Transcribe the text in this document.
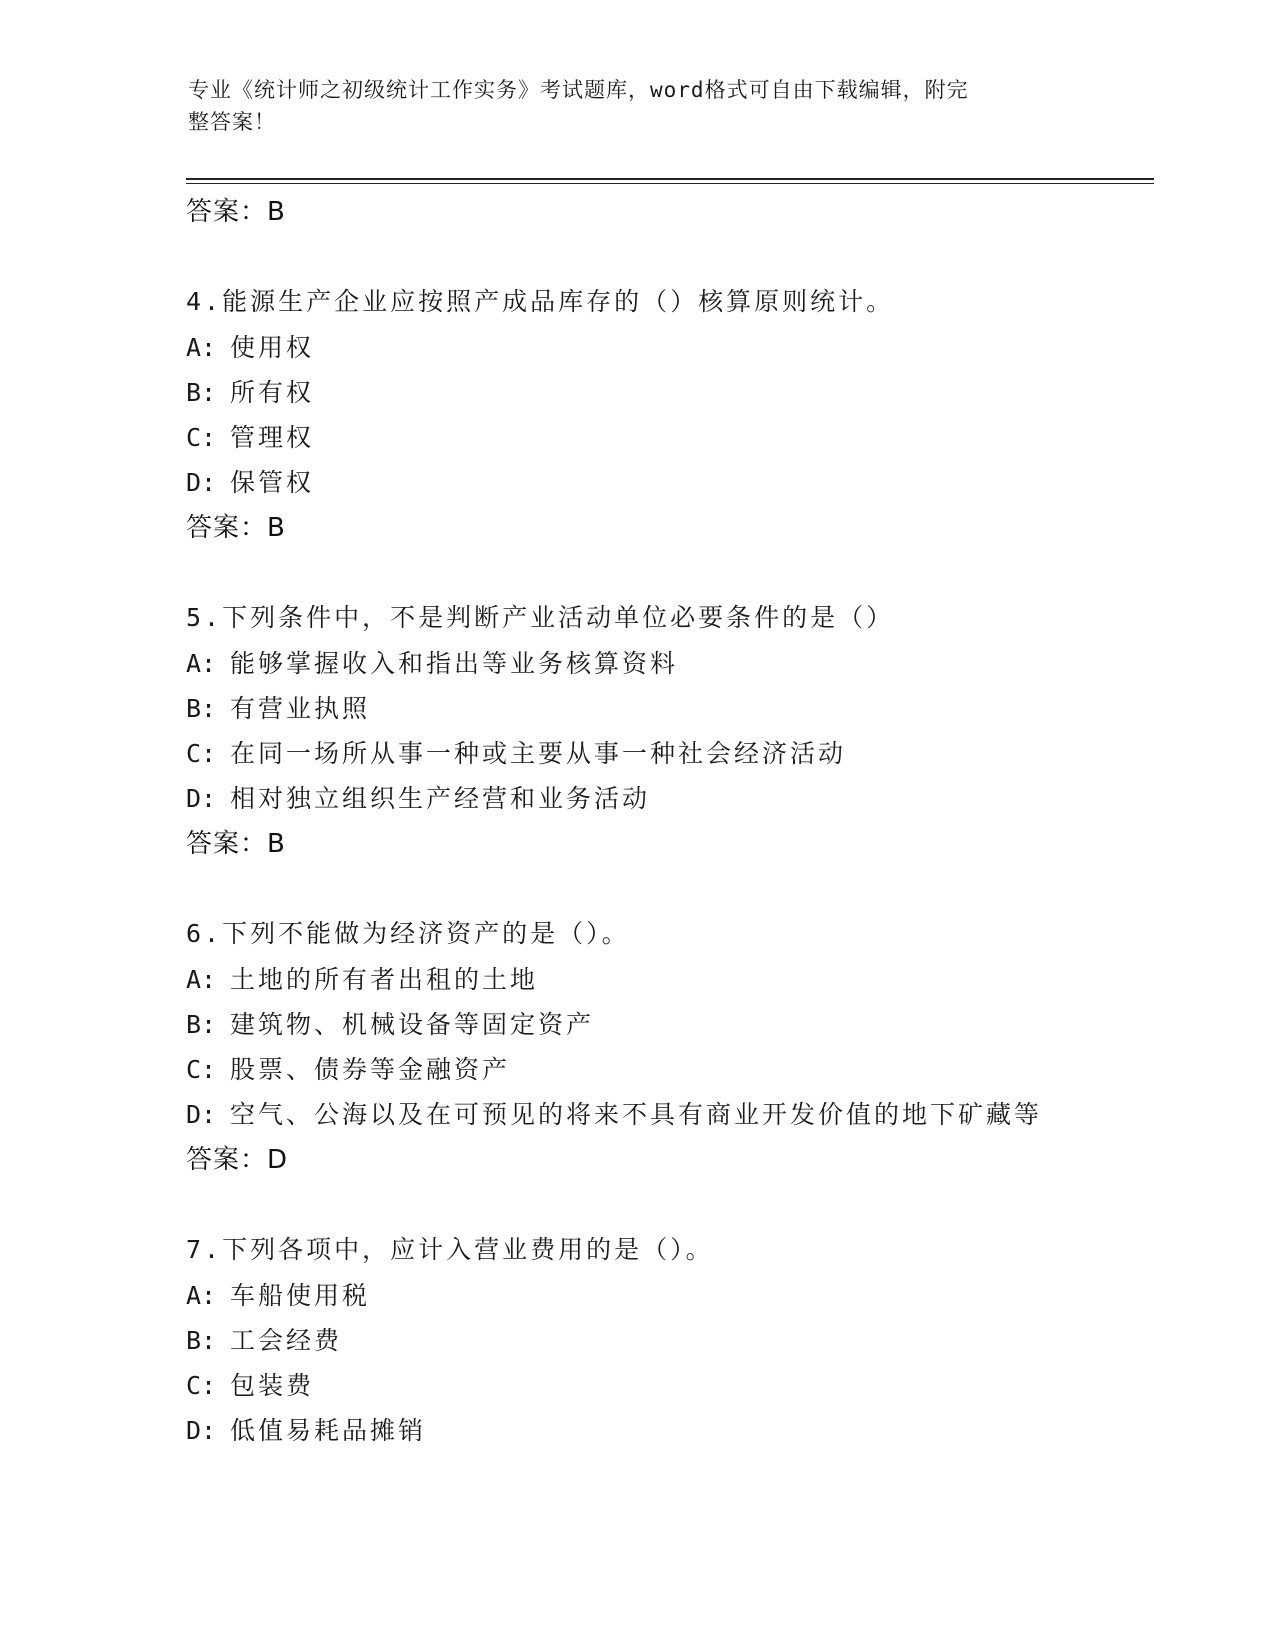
专业《统计师之初级统计工作实务》考试题库，word格式可自由下载编辑，附完
整答案！

答案：B

4.能源生产企业应按照产成品库存的（）核算原则统计。

A: 使用权

B: 所有权

C: 管理权

D: 保管权

答案：B

5.下列条件中，不是判断产业活动单位必要条件的是（）

A: 能够掌握收入和指出等业务核算资料

B: 有营业执照

C: 在同一场所从事一种或主要从事一种社会经济活动

D: 相对独立组织生产经营和业务活动

答案：B

6.下列不能做为经济资产的是（）。

A: 土地的所有者出租的土地

B: 建筑物、机械设备等固定资产

C: 股票、债券等金融资产

D: 空气、公海以及在可预见的将来不具有商业开发价值的地下矿藏等

答案：D

7.下列各项中，应计入营业费用的是（）。

A: 车船使用税

B: 工会经费

C: 包装费

D: 低值易耗品摊销
